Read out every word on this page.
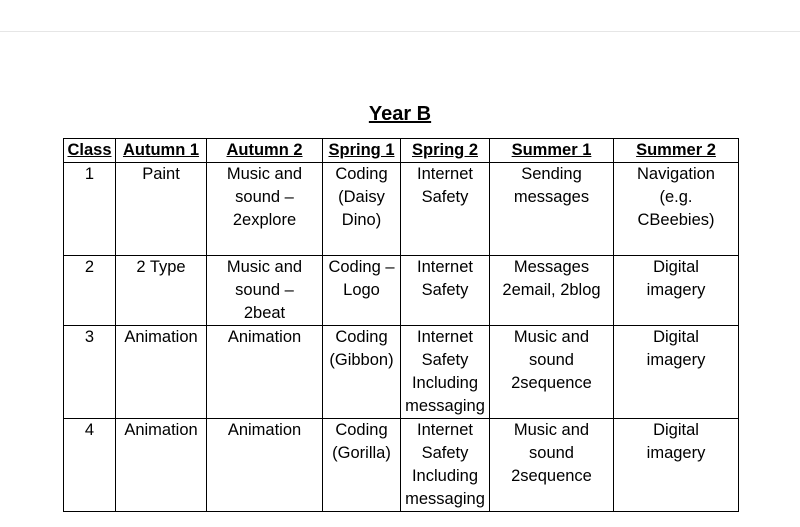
Year B
Class	Autumn 1	Autumn 2	Spring 1	Spring 2	Summer 1	Summer 2

1	Paint	Music and
sound –
2explore	Coding
(Daisy
Dino)	Internet
Safety	Sending
messages	Navigation
(e.g.
CBeebies)

2	2 Type	Music and
sound –
2beat	Coding –
Logo	Internet
Safety	Messages
2email, 2blog	Digital
imagery

3	Animation	Animation	Coding
(Gibbon)	Internet
Safety
Including
messaging	Music and
sound
2sequence	Digital
imagery

4	Animation	Animation	Coding
(Gorilla)	Internet
Safety
Including
messaging	Music and
sound
2sequence	Digital
imagery
